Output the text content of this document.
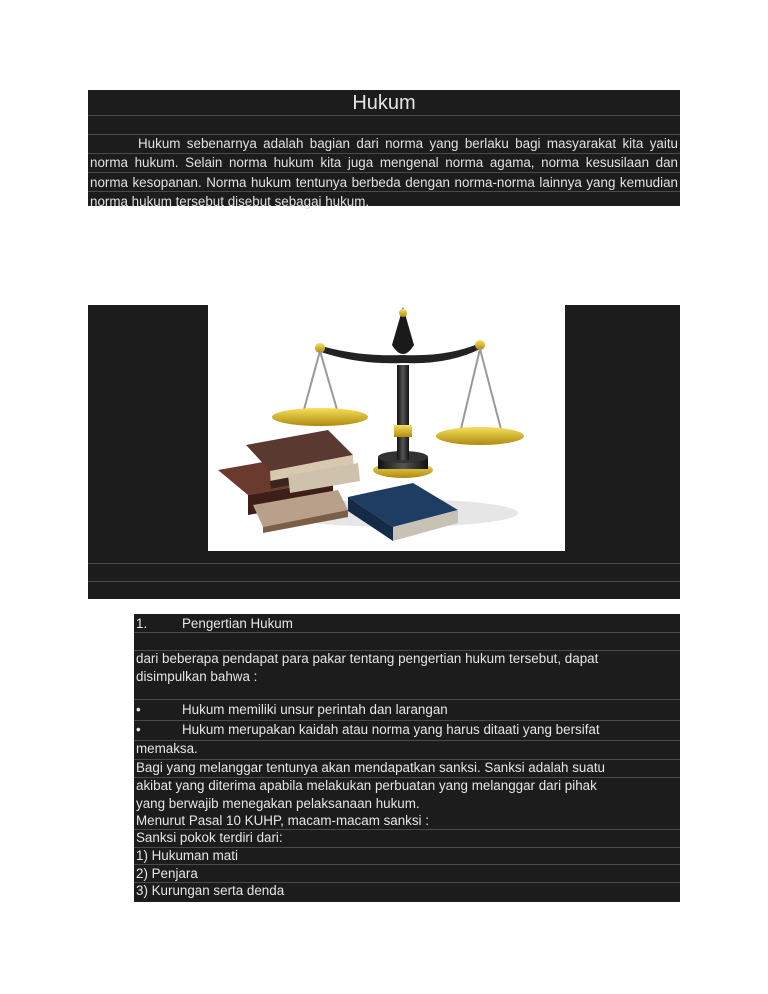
Hukum

Hukum sebenarnya adalah bagian dari norma yang berlaku bagi masyarakat kita yaitu norma hukum. Selain norma hukum kita juga mengenal norma agama, norma kesusilaan dan norma kesopanan. Norma hukum tentunya berbeda dengan norma-norma lainnya yang kemudian norma hukum tersebut disebut sebagai hukum.

1.	Pengertian Hukum
dari beberapa pendapat para pakar tentang pengertian hukum tersebut, dapat
disimpulkan bahwa :
•	Hukum memiliki unsur perintah dan larangan
•	Hukum merupakan kaidah atau norma yang harus ditaati yang bersifat
memaksa.
Bagi yang melanggar tentunya akan mendapatkan sanksi. Sanksi adalah suatu
akibat yang diterima apabila melakukan perbuatan yang melanggar dari pihak
yang berwajib menegakan pelaksanaan hukum.
Menurut Pasal 10 KUHP, macam-macam sanksi :
Sanksi pokok terdiri dari:
1) Hukuman mati
2) Penjara
3) Kurungan serta denda
